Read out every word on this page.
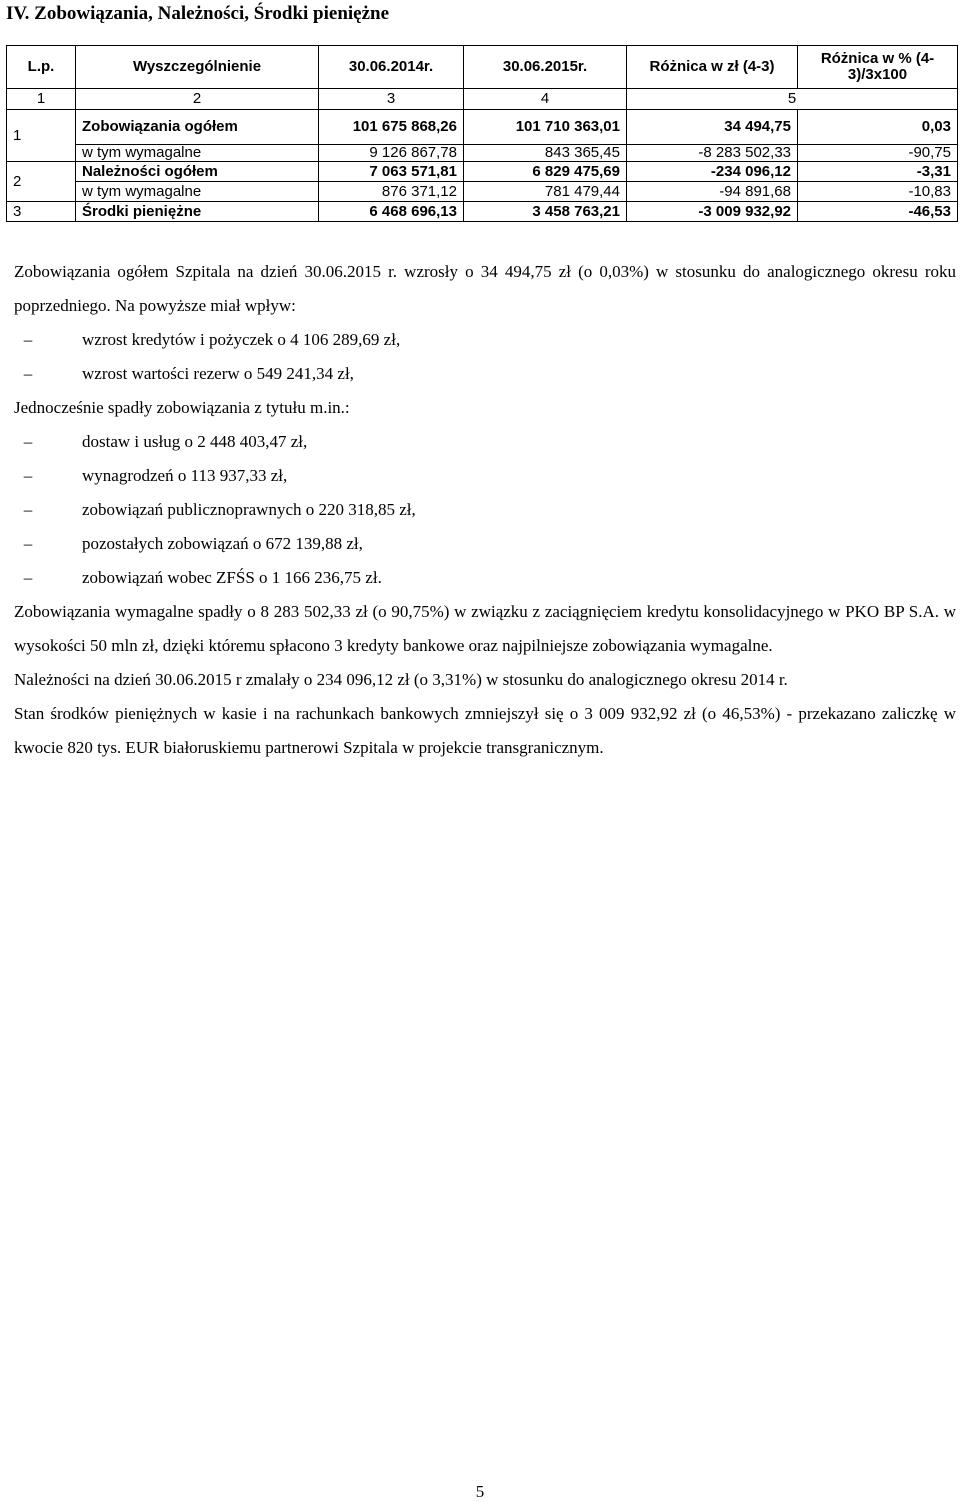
IV. Zobowiązania, Należności, Środki pieniężne
L.p.	Wyszczególnienie	30.06.2014r.	30.06.2015r.	Różnica w zł (4-3)	Różnica w % (4-3)/3x100
1	2	3	4	5	
1	Zobowiązania ogółem	101 675 868,26	101 710 363,01	34 494,75	0,03
	w tym wymagalne	9 126 867,78	843 365,45	-8 283 502,33	-90,75
2	Należności ogółem	7 063 571,81	6 829 475,69	-234 096,12	-3,31
	w tym wymagalne	876 371,12	781 479,44	-94 891,68	-10,83
3	Środki pieniężne	6 468 696,13	3 458 763,21	-3 009 932,92	-46,53

Zobowiązania ogółem Szpitala na dzień 30.06.2015 r. wzrosły o 34 494,75 zł (o 0,03%) w stosunku do analogicznego okresu roku poprzedniego. Na powyższe miał wpływ:

–	wzrost kredytów i pożyczek o 4 106 289,69 zł,
–	wzrost wartości rezerw o 549 241,34 zł,

Jednocześnie spadły zobowiązania z tytułu m.in.:

–	dostaw i usług o 2 448 403,47 zł,
–	wynagrodzeń o 113 937,33 zł,
–	zobowiązań publicznoprawnych o 220 318,85 zł,
–	pozostałych zobowiązań o 672 139,88 zł,
–	zobowiązań wobec ZFŚS o 1 166 236,75 zł.

Zobowiązania wymagalne spadły o 8 283 502,33 zł (o 90,75%) w związku z zaciągnięciem kredytu konsolidacyjnego w PKO BP S.A. w wysokości 50 mln zł, dzięki któremu spłacono 3 kredyty bankowe oraz najpilniejsze zobowiązania wymagalne.

Należności na dzień 30.06.2015 r zmalały o 234 096,12 zł (o 3,31%) w stosunku do analogicznego okresu 2014 r.

Stan środków pieniężnych w kasie i na rachunkach bankowych zmniejszył się o 3 009 932,92 zł (o 46,53%) - przekazano zaliczkę w kwocie 820 tys. EUR białoruskiemu partnerowi Szpitala w projekcie transgranicznym.

5
